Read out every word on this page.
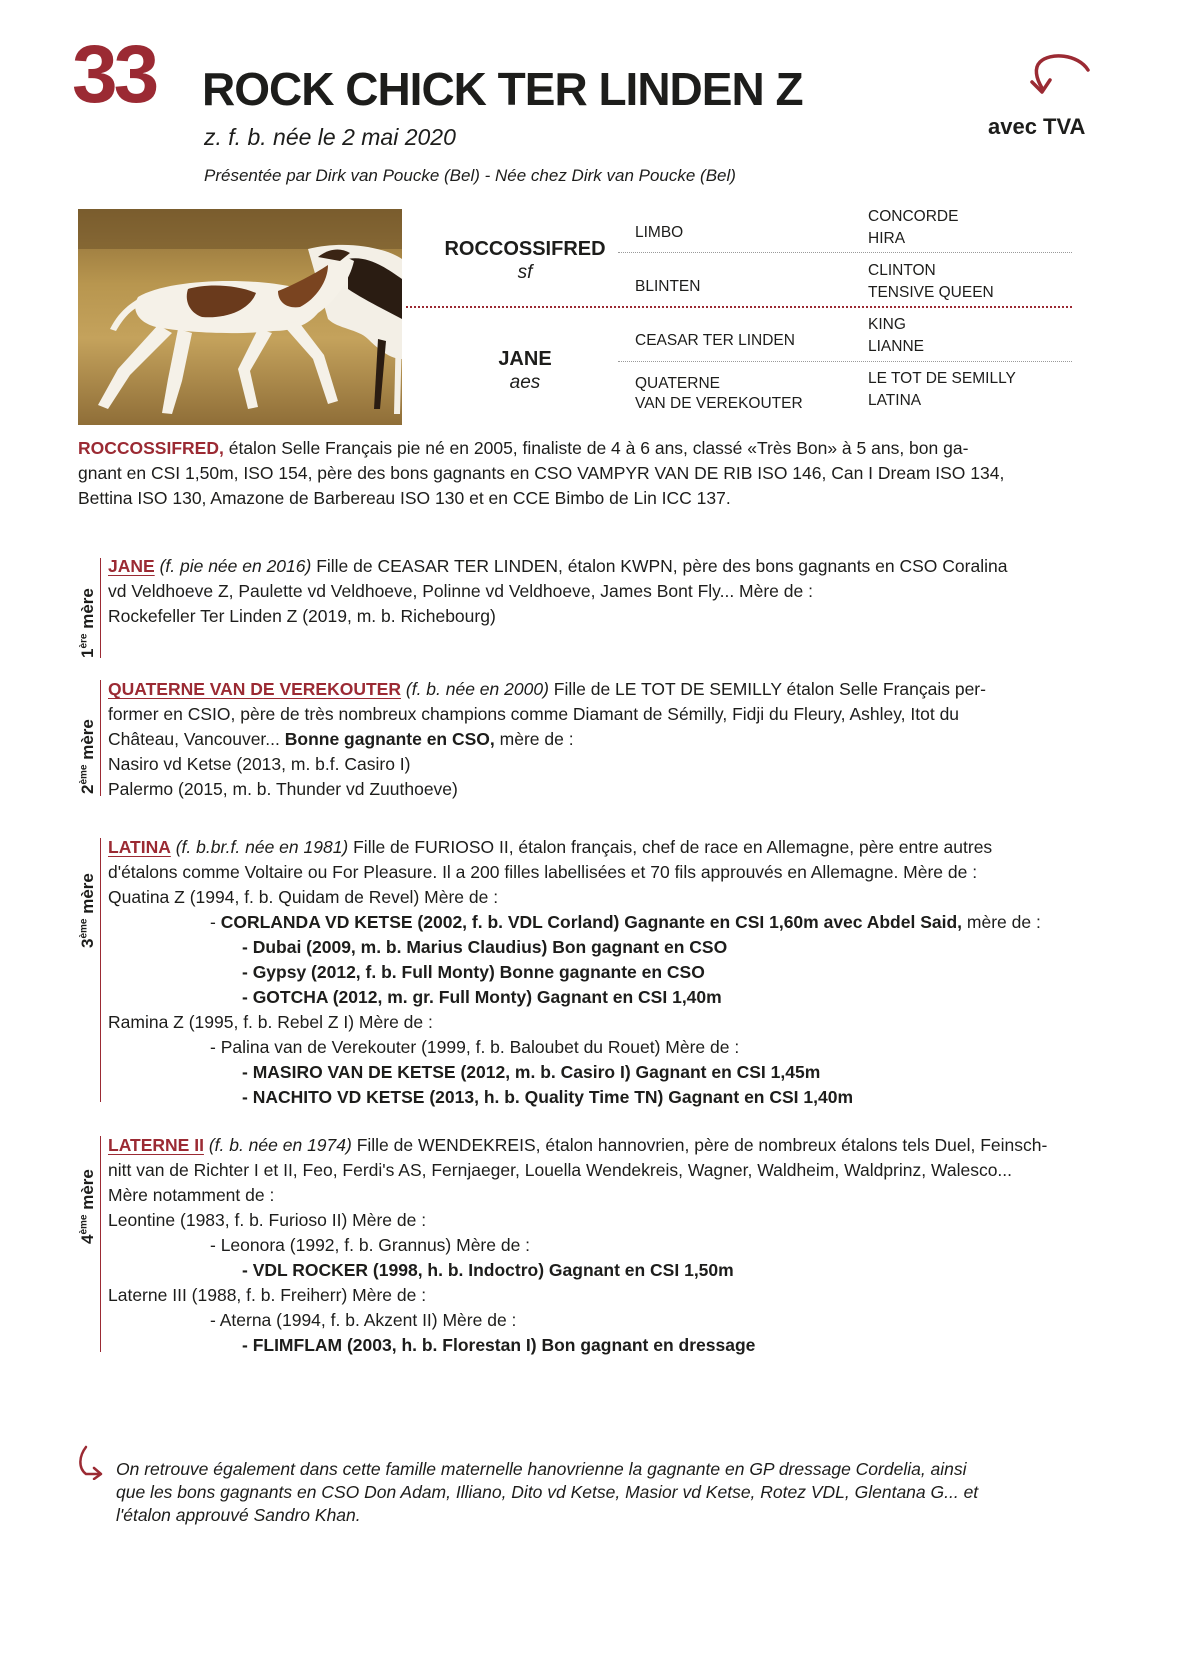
33 ROCK CHICK TER LINDEN Z
z. f. b. née le 2 mai 2020
Présentée par Dirk van Poucke (Bel) - Née chez Dirk van Poucke (Bel)
avec TVA
ROCCOSSIFRED
sf
JANE
aes
LIMBO
BLINTEN
CEASAR TER LINDEN
QUATERNE
VAN DE VEREKOUTER
CONCORDE
HIRA
CLINTON
TENSIVE QUEEN
KING
LIANNE
LE TOT DE SEMILLY
LATINA
ROCCOSSIFRED, étalon Selle Français pie né en 2005, finaliste de 4 à 6 ans, classé «Très Bon» à 5 ans, bon ga-
gnant en CSI 1,50m, ISO 154, père des bons gagnants en CSO VAMPYR VAN DE RIB ISO 146, Can I Dream ISO 134,
Bettina ISO 130, Amazone de Barbereau ISO 130 et en CCE Bimbo de Lin ICC 137.
1ère mère
JANE (f. pie née en 2016) Fille de CEASAR TER LINDEN, étalon KWPN, père des bons gagnants en CSO Coralina
vd Veldhoeve Z, Paulette vd Veldhoeve, Polinne vd Veldhoeve, James Bont Fly... Mère de :
Rockefeller Ter Linden Z (2019, m. b. Richebourg)
2ème mère
QUATERNE VAN DE VEREKOUTER (f. b. née en 2000) Fille de LE TOT DE SEMILLY étalon Selle Français per-
former en CSIO, père de très nombreux champions comme Diamant de Sémilly, Fidji du Fleury, Ashley, Itot du
Château, Vancouver... Bonne gagnante en CSO, mère de :
Nasiro vd Ketse (2013, m. b.f. Casiro I)
Palermo (2015, m. b. Thunder vd Zuuthoeve)
3ème mère
LATINA (f. b.br.f. née en 1981) Fille de FURIOSO II, étalon français, chef de race en Allemagne, père entre autres
d'étalons comme Voltaire ou For Pleasure. Il a 200 filles labellisées et 70 fils approuvés en Allemagne. Mère de :
Quatina Z (1994, f. b. Quidam de Revel) Mère de :
- CORLANDA VD KETSE (2002, f. b. VDL Corland) Gagnante en CSI 1,60m avec Abdel Said, mère de :
- Dubai (2009, m. b. Marius Claudius) Bon gagnant en CSO
- Gypsy (2012, f. b. Full Monty) Bonne gagnante en CSO
- GOTCHA (2012, m. gr. Full Monty) Gagnant en CSI 1,40m
Ramina Z (1995, f. b. Rebel Z I) Mère de :
- Palina van de Verekouter (1999, f. b. Baloubet du Rouet) Mère de :
- MASIRO VAN DE KETSE (2012, m. b. Casiro I) Gagnant en CSI 1,45m
- NACHITO VD KETSE (2013, h. b. Quality Time TN) Gagnant en CSI 1,40m
4ème mère
LATERNE II (f. b. née en 1974) Fille de WENDEKREIS, étalon hannovrien, père de nombreux étalons tels Duel, Feinsch-
nitt van de Richter I et II, Feo, Ferdi's AS, Fernjaeger, Louella Wendekreis, Wagner, Waldheim, Waldprinz, Walesco...
Mère notamment de :
Leontine (1983, f. b. Furioso II) Mère de :
- Leonora (1992, f. b. Grannus) Mère de :
- VDL ROCKER (1998, h. b. Indoctro) Gagnant en CSI 1,50m
Laterne III (1988, f. b. Freiherr) Mère de :
- Aterna (1994, f. b. Akzent II) Mère de :
- FLIMFLAM (2003, h. b. Florestan I) Bon gagnant en dressage
On retrouve également dans cette famille maternelle hanovrienne la gagnante en GP dressage Cordelia, ainsi
que les bons gagnants en CSO Don Adam, Illiano, Dito vd Ketse, Masior vd Ketse, Rotez VDL, Glentana G... et
l'étalon approuvé Sandro Khan.
